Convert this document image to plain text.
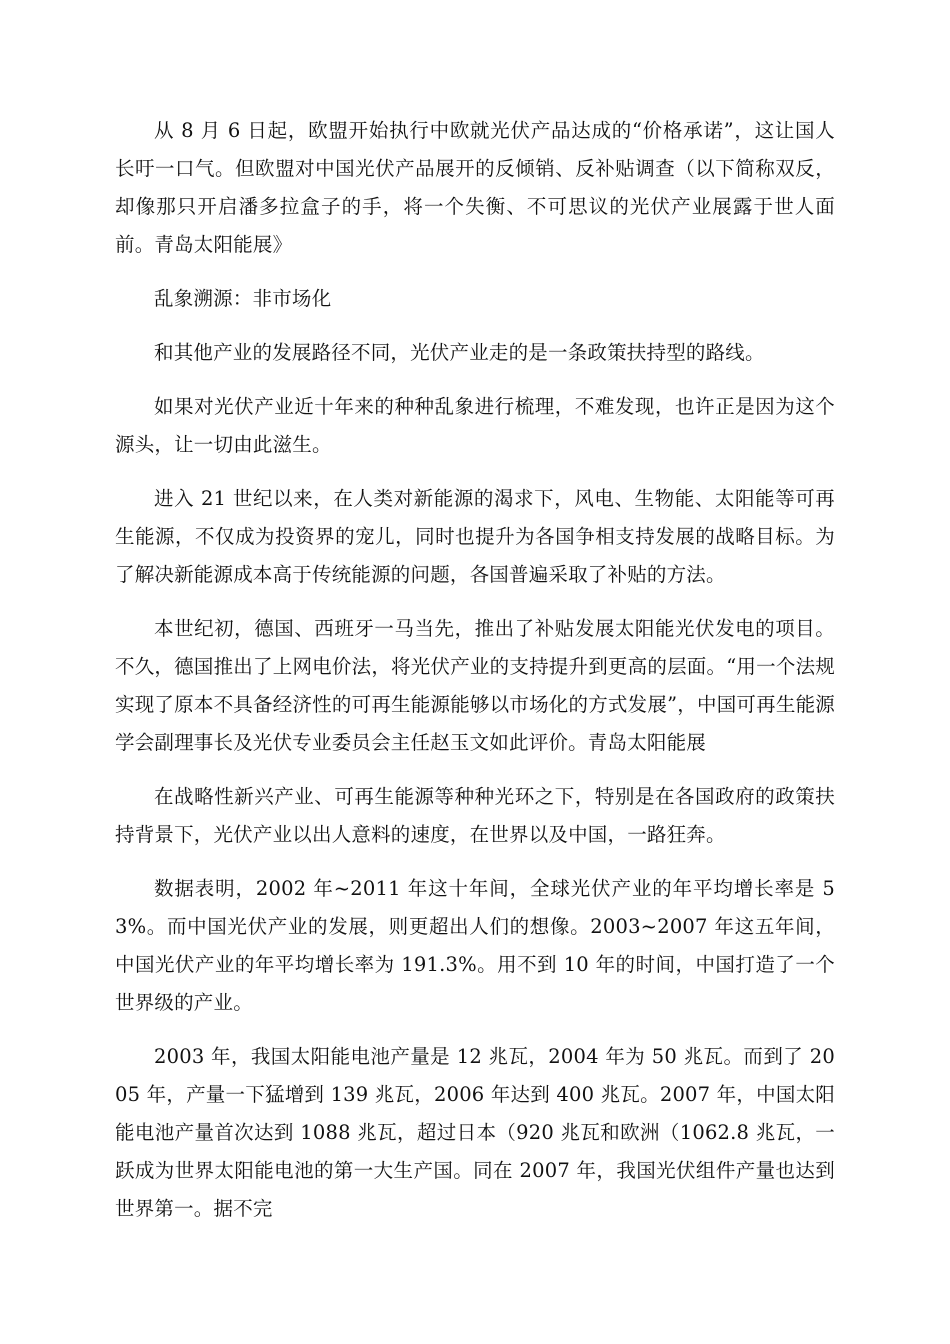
从 8 月 6 日起，欧盟开始执行中欧就光伏产品达成的“价格承诺”，这让国人长吁一口气。但欧盟对中国光伏产品展开的反倾销、反补贴调查（以下简称双反，却像那只开启潘多拉盒子的手，将一个失衡、不可思议的光伏产业展露于世人面前。青岛太阳能展》

乱象溯源：非市场化

和其他产业的发展路径不同，光伏产业走的是一条政策扶持型的路线。

如果对光伏产业近十年来的种种乱象进行梳理，不难发现，也许正是因为这个源头，让一切由此滋生。

进入 21 世纪以来，在人类对新能源的渴求下，风电、生物能、太阳能等可再生能源，不仅成为投资界的宠儿，同时也提升为各国争相支持发展的战略目标。为了解决新能源成本高于传统能源的问题，各国普遍采取了补贴的方法。

本世纪初，德国、西班牙一马当先，推出了补贴发展太阳能光伏发电的项目。不久，德国推出了上网电价法，将光伏产业的支持提升到更高的层面。“用一个法规实现了原本不具备经济性的可再生能源能够以市场化的方式发展”，中国可再生能源学会副理事长及光伏专业委员会主任赵玉文如此评价。青岛太阳能展

在战略性新兴产业、可再生能源等种种光环之下，特别是在各国政府的政策扶持背景下，光伏产业以出人意料的速度，在世界以及中国，一路狂奔。

数据表明，2002 年~2011 年这十年间，全球光伏产业的年平均增长率是 53%。而中国光伏产业的发展，则更超出人们的想像。2003~2007 年这五年间，中国光伏产业的年平均增长率为 191.3%。用不到 10 年的时间，中国打造了一个世界级的产业。

2003 年，我国太阳能电池产量是 12 兆瓦，2004 年为 50 兆瓦。而到了 2005 年，产量一下猛增到 139 兆瓦，2006 年达到 400 兆瓦。2007 年，中国太阳能电池产量首次达到 1088 兆瓦，超过日本（920 兆瓦和欧洲（1062.8 兆瓦，一跃成为世界太阳能电池的第一大生产国。同在 2007 年，我国光伏组件产量也达到世界第一。据不完
